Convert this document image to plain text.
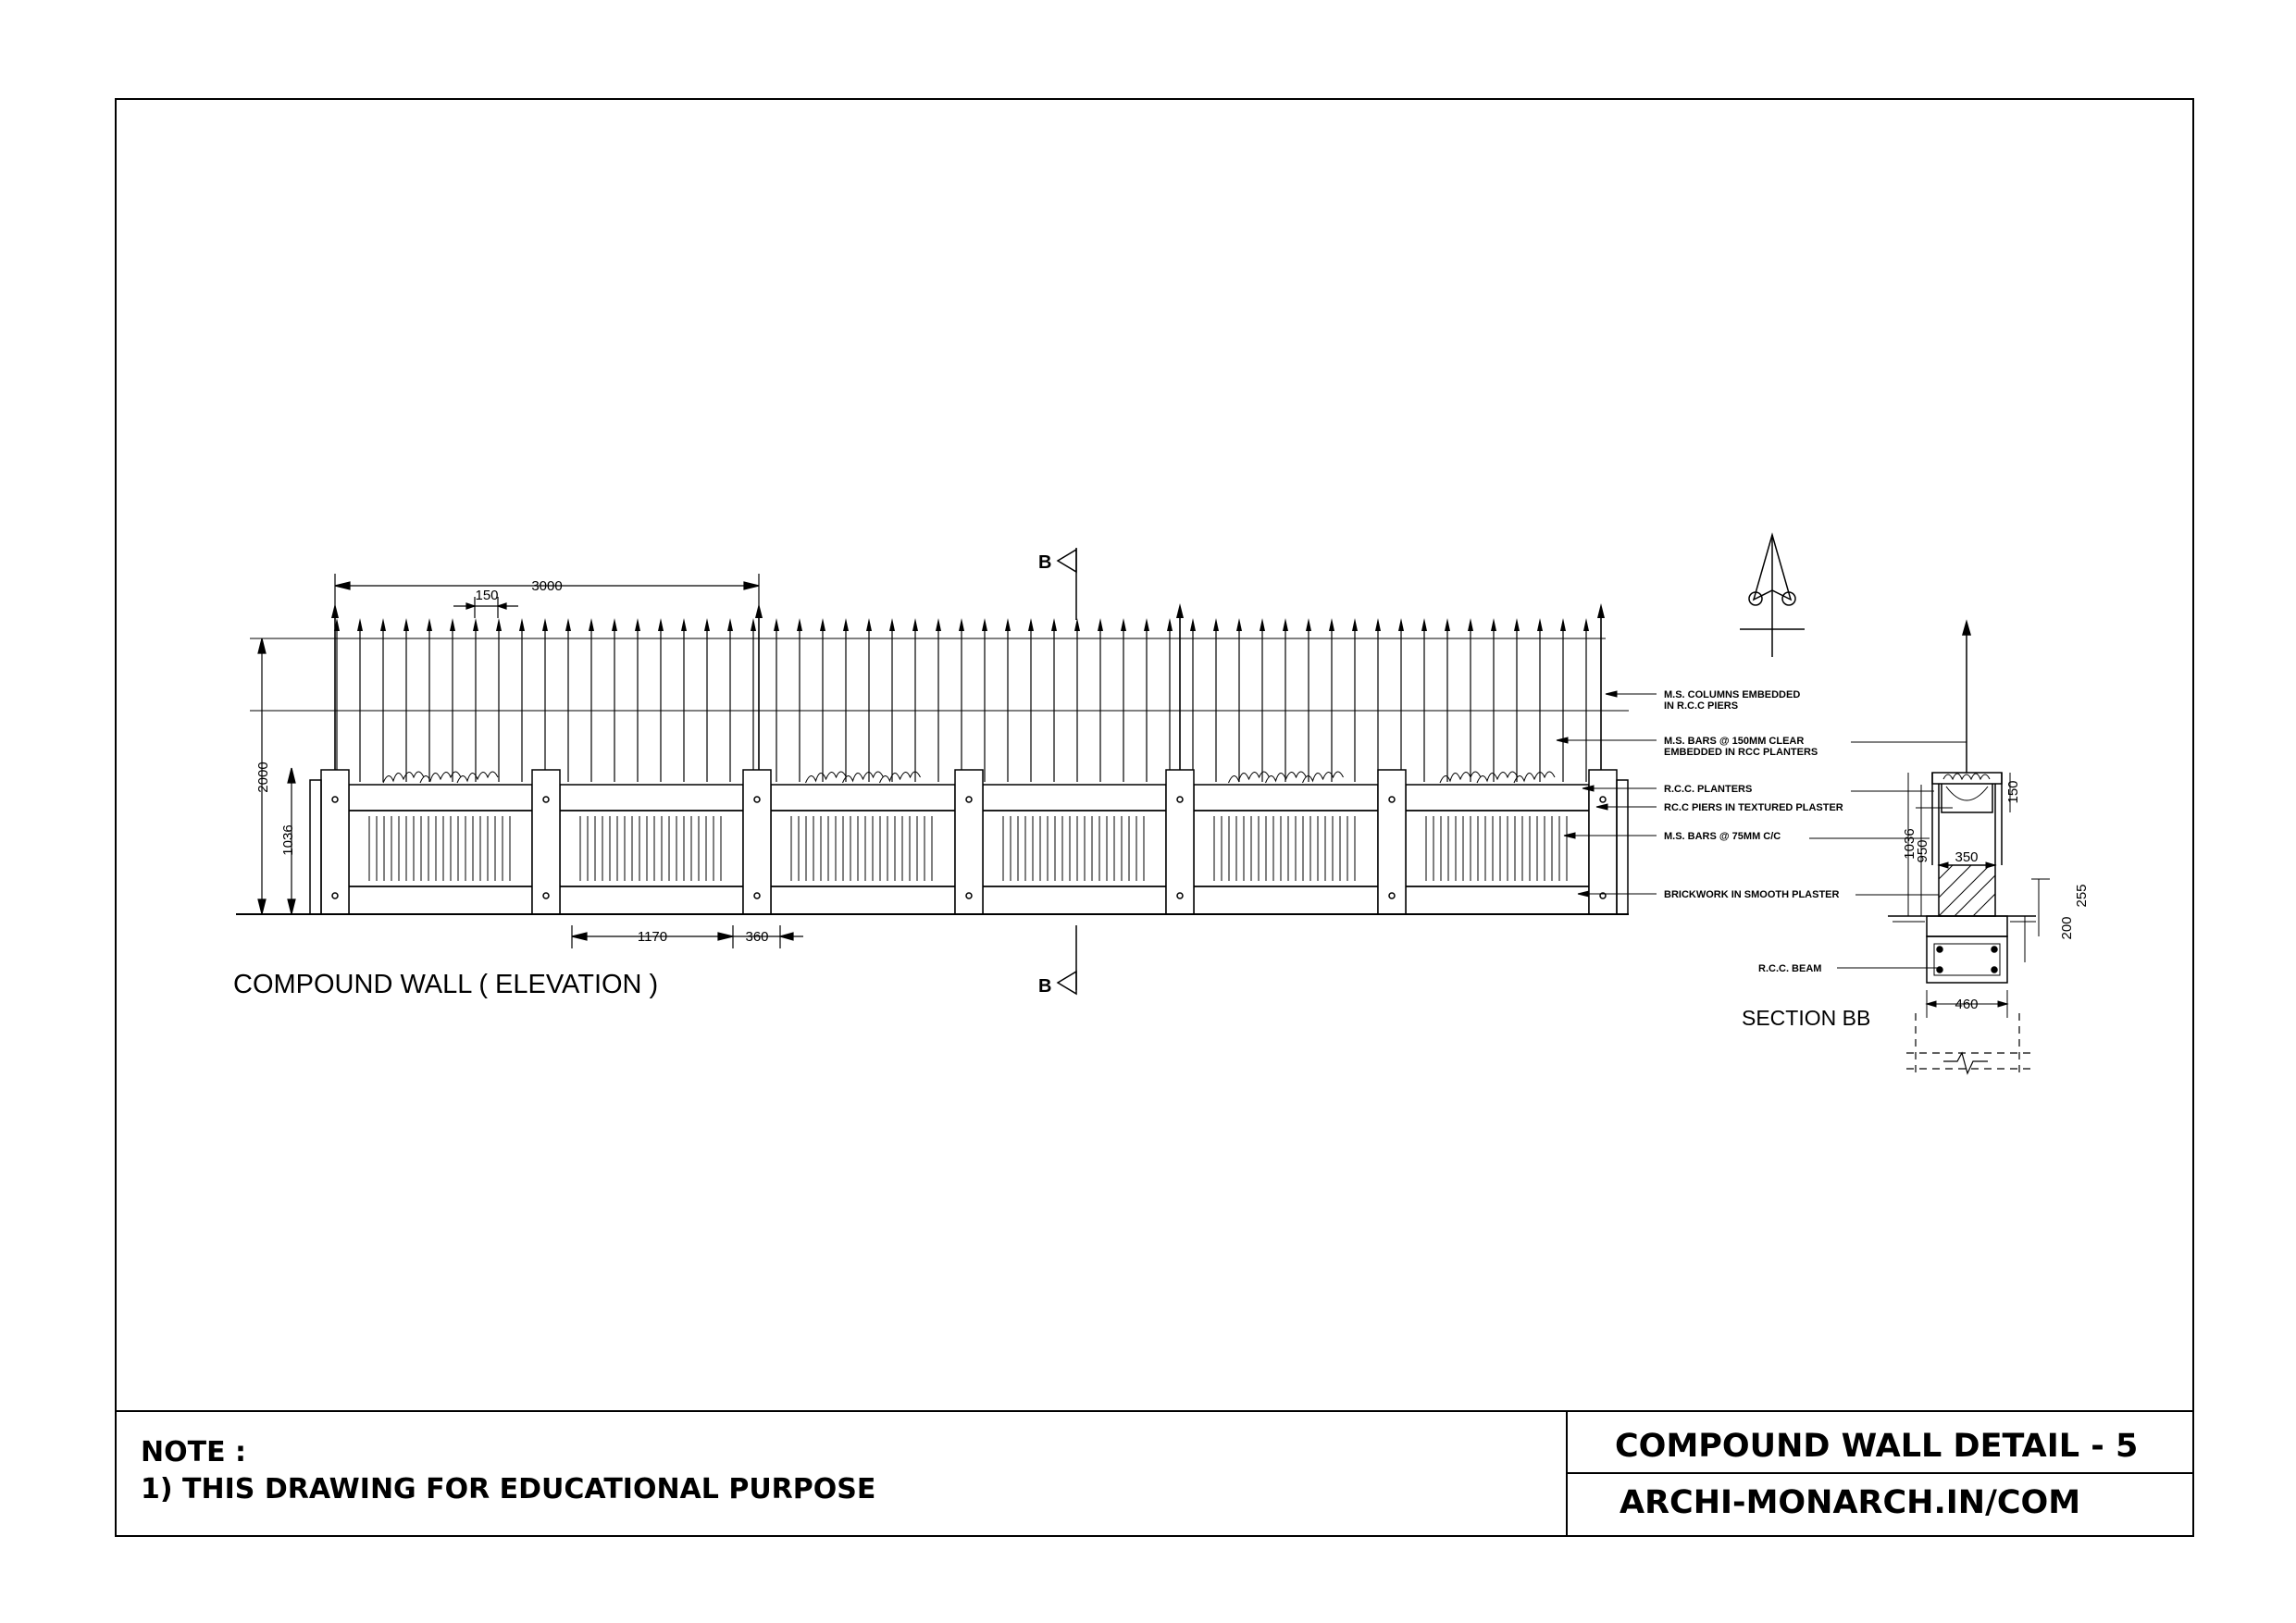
3000
150
2000
1036
1170	360
COMPOUND WALL ( ELEVATION )
B
B
M.S. COLUMNS EMBEDDED
IN R.C.C PIERS
M.S. BARS @ 150MM CLEAR
EMBEDDED IN RCC PLANTERS
R.C.C. PLANTERS
RC.C PIERS IN TEXTURED PLASTER
M.S. BARS @ 75MM C/C
BRICKWORK IN SMOOTH PLASTER
1036
950 350
150
255
200
460
R.C.C. BEAM
SECTION BB
NOTE :
1) THIS DRAWING FOR EDUCATIONAL PURPOSE
COMPOUND WALL DETAIL - 5
ARCHI-MONARCH.IN/COM
